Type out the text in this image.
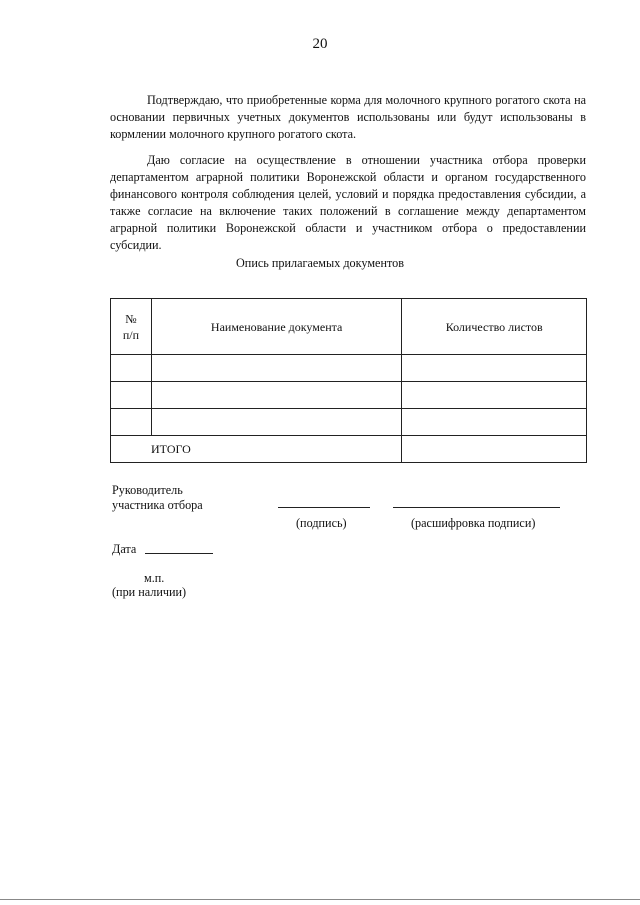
20

Подтверждаю, что приобретенные корма для молочного крупного рогатого скота на основании первичных учетных документов использованы или будут использованы в кормлении молочного крупного рогатого скота.

Даю согласие на осуществление в отношении участника отбора проверки департаментом аграрной политики Воронежской области и органом государственного финансового контроля соблюдения целей, условий и порядка предоставления субсидии, а также согласие на включение таких положений в соглашение между департаментом аграрной политики Воронежской области и участником отбора о предоставлении субсидии.

Опись прилагаемых документов
№
п/п	Наименование документа	Количество листов

ИТОГО		
Руководитель
участника отбора
(подпись)	(расшифровка подписи)
Дата
м.п.
(при наличии)
